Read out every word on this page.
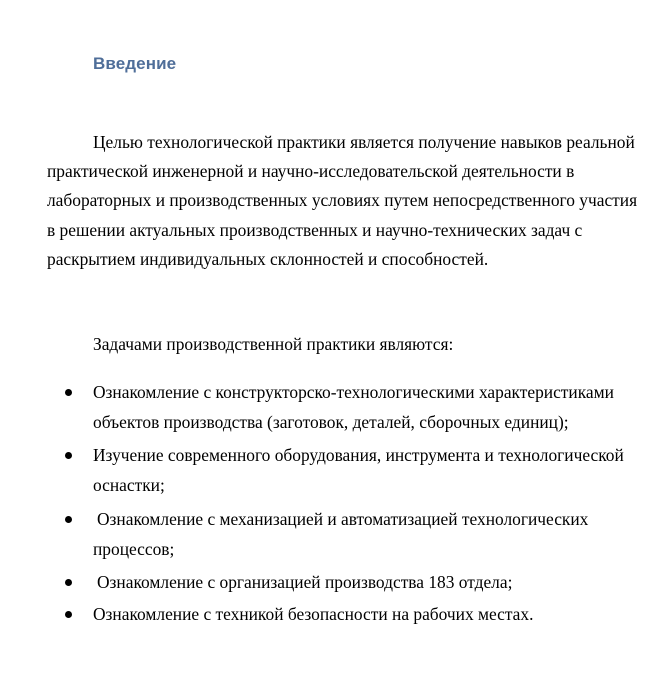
Введение

Целью технологической практики является получение навыков реальной практической инженерной и научно-исследовательской деятельности в лабораторных и производственных условиях путем непосредственного участия в решении актуальных производственных и научно-технических задач с раскрытием индивидуальных склонностей и способностей.

Задачами производственной практики являются:

Ознакомление с конструкторско-технологическими характеристиками объектов производства (заготовок, деталей, сборочных единиц);

Изучение современного оборудования, инструмента и технологической оснастки;

Ознакомление с механизацией и автоматизацией технологических процессов;

Ознакомление с организацией производства 183 отдела;

Ознакомление с техникой безопасности на рабочих местах.
